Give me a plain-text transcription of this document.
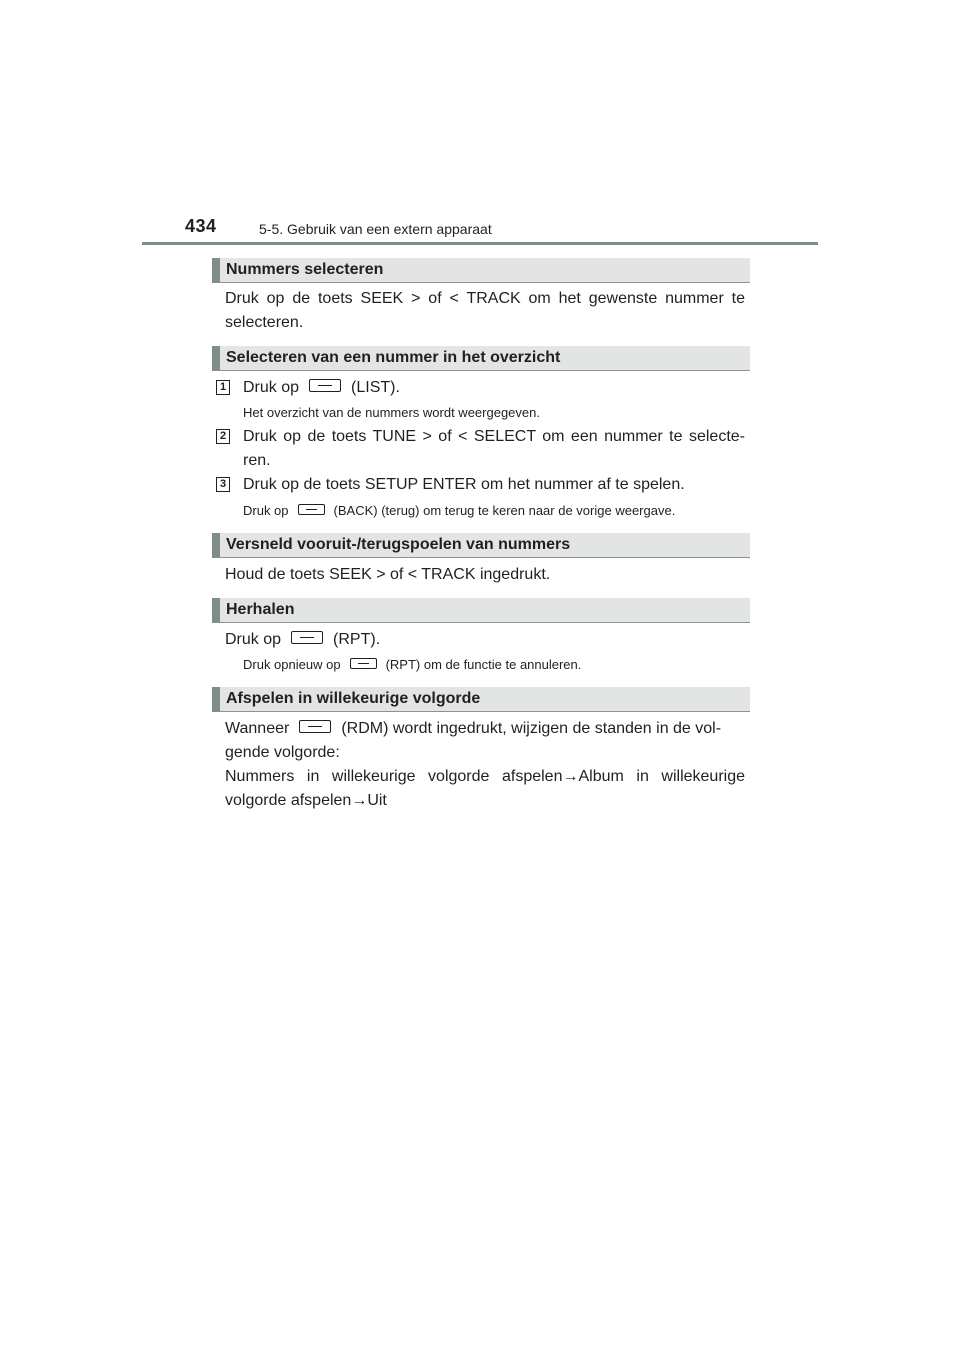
434	5-5. Gebruik van een extern apparaat
Nummers selecteren
Druk op de toets SEEK > of < TRACK om het gewenste nummer te selecteren.
Selecteren van een nummer in het overzicht
1 Druk op	(LIST).
Het overzicht van de nummers wordt weergegeven.
2 Druk op de toets TUNE > of < SELECT om een nummer te selecte-ren.
3 Druk op de toets SETUP ENTER om het nummer af te spelen.
Druk op	(BACK) (terug) om terug te keren naar de vorige weergave.
Versneld vooruit-/terugspoelen van nummers
Houd de toets SEEK > of < TRACK ingedrukt.
Herhalen
Druk op	(RPT).
Druk opnieuw op	(RPT) om de functie te annuleren.
Afspelen in willekeurige volgorde
Wanneer	(RDM) wordt ingedrukt, wijzigen de standen in de vol-
gende volgorde:
Nummers in willekeurige volgorde afspelen→Album in willekeurige
volgorde afspelen→Uit
